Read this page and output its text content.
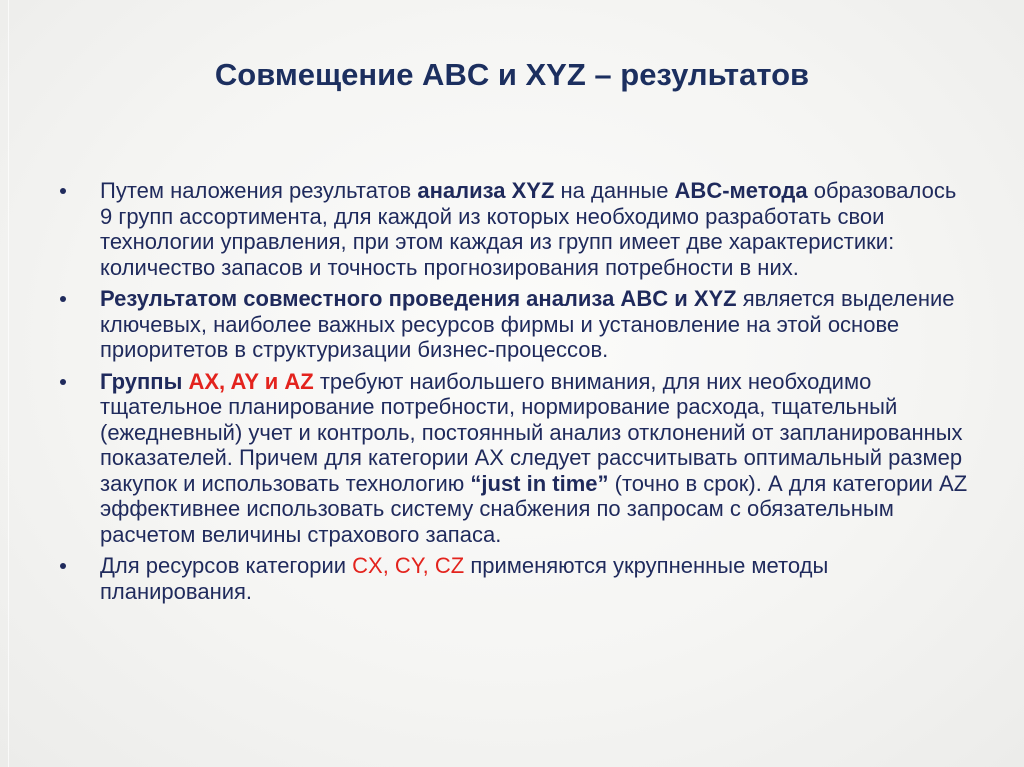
Совмещение ABC и XYZ – результатов

Путем наложения результатов анализа XYZ на данные ABC-метода образовалось 9 групп ассортимента, для каждой из которых необходимо разработать свои технологии управления, при этом каждая из групп имеет две характеристики: количество запасов и точность прогнозирования потребности в них.

Результатом совместного проведения анализа ABC и XYZ является выделение ключевых, наиболее важных ресурсов фирмы и установление на этой основе приоритетов в структуризации бизнес-процессов.

Группы AX, AY и AZ требуют наибольшего внимания, для них необходимо тщательное планирование потребности, нормирование расхода, тщательный (ежедневный) учет и контроль, постоянный анализ отклонений от запланированных показателей. Причем для категории АХ следует рассчитывать оптимальный размер закупок и использовать технологию “just in time” (точно в срок). А для категории AZ эффективнее использовать систему снабжения по запросам с обязательным расчетом величины страхового запаса.

Для ресурсов категории CX, CY, CZ применяются укрупненные методы планирования.
